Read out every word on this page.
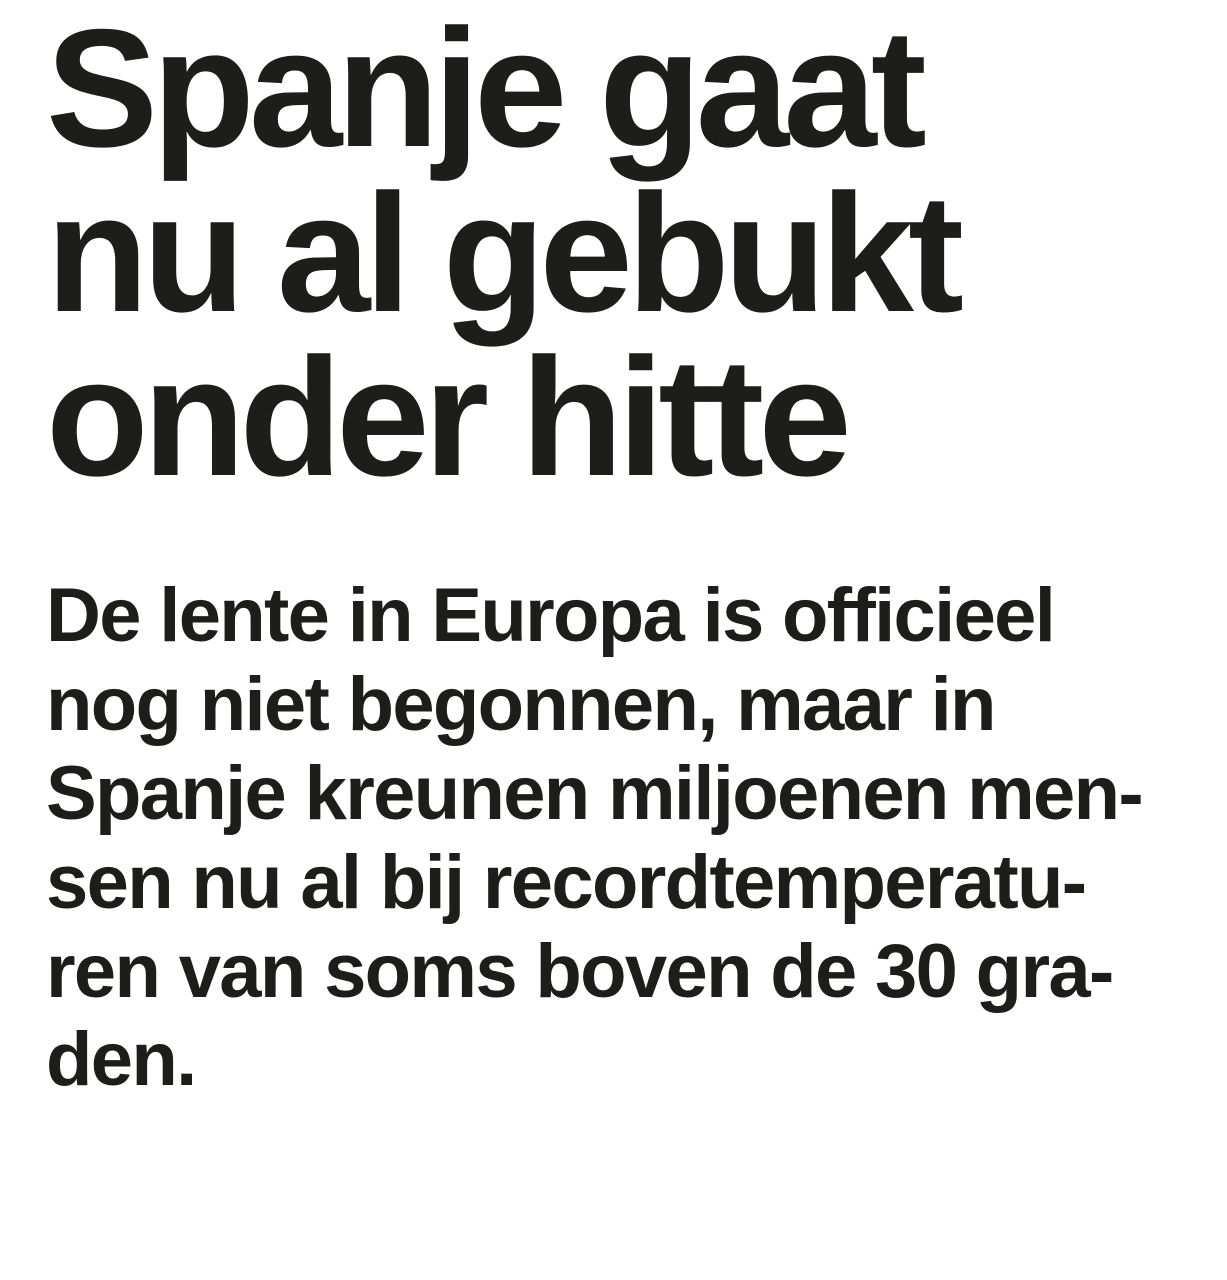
Spanje gaat
nu al gebukt
onder hitte

De lente in Europa is officieel
nog niet begonnen, maar in
Spanje kreunen miljoenen men-
sen nu al bij recordtemperatu-
ren van soms boven de 30 gra-
den.
